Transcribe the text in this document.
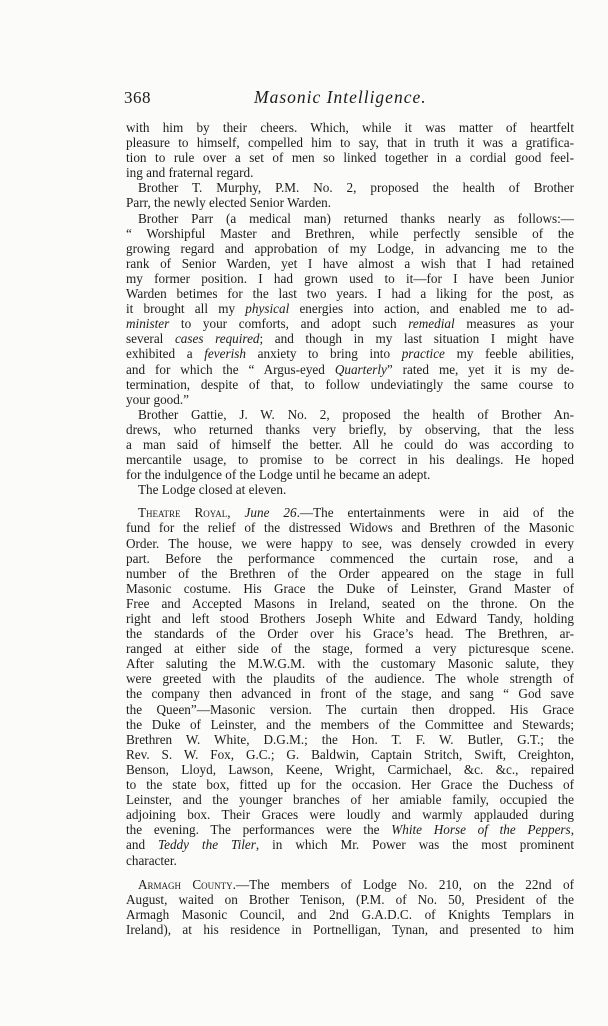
368	Masonic Intelligence.
with him by their cheers. Which, while it was matter of heartfelt
pleasure to himself, compelled him to say, that in truth it was a gratifica-
tion to rule over a set of men so linked together in a cordial good feel-
ing and fraternal regard.
Brother T. Murphy, P.M. No. 2, proposed the health of Brother
Parr, the newly elected Senior Warden.
Brother Parr (a medical man) returned thanks nearly as follows:—
“ Worshipful Master and Brethren, while perfectly sensible of the
growing regard and approbation of my Lodge, in advancing me to the
rank of Senior Warden, yet I have almost a wish that I had retained
my former position. I had grown used to it—for I have been Junior
Warden betimes for the last two years. I had a liking for the post, as
it brought all my physical energies into action, and enabled me to ad-
minister to your comforts, and adopt such remedial measures as your
several cases required; and though in my last situation I might have
exhibited a feverish anxiety to bring into practice my feeble abilities,
and for which the “ Argus-eyed Quarterly” rated me, yet it is my de-
termination, despite of that, to follow undeviatingly the same course to
your good.”
Brother Gattie, J. W. No. 2, proposed the health of Brother An-
drews, who returned thanks very briefly, by observing, that the less
a man said of himself the better. All he could do was according to
mercantile usage, to promise to be correct in his dealings. He hoped
for the indulgence of the Lodge until he became an adept.
The Lodge closed at eleven.
Theatre Royal, June 26.—The entertainments were in aid of the
fund for the relief of the distressed Widows and Brethren of the Masonic
Order. The house, we were happy to see, was densely crowded in every
part. Before the performance commenced the curtain rose, and a
number of the Brethren of the Order appeared on the stage in full
Masonic costume. His Grace the Duke of Leinster, Grand Master of
Free and Accepted Masons in Ireland, seated on the throne. On the
right and left stood Brothers Joseph White and Edward Tandy, holding
the standards of the Order over his Grace’s head. The Brethren, ar-
ranged at either side of the stage, formed a very picturesque scene.
After saluting the M.W.G.M. with the customary Masonic salute, they
were greeted with the plaudits of the audience. The whole strength of
the company then advanced in front of the stage, and sang “ God save
the Queen”—Masonic version. The curtain then dropped. His Grace
the Duke of Leinster, and the members of the Committee and Stewards;
Brethren W. White, D.G.M.; the Hon. T. F. W. Butler, G.T.; the
Rev. S. W. Fox, G.C.; G. Baldwin, Captain Stritch, Swift, Creighton,
Benson, Lloyd, Lawson, Keene, Wright, Carmichael, &c. &c., repaired
to the state box, fitted up for the occasion. Her Grace the Duchess of
Leinster, and the younger branches of her amiable family, occupied the
adjoining box. Their Graces were loudly and warmly applauded during
the evening. The performances were the White Horse of the Peppers,
and Teddy the Tiler, in which Mr. Power was the most prominent
character.
Armagh County.—The members of Lodge No. 210, on the 22nd of
August, waited on Brother Tenison, (P.M. of No. 50, President of the
Armagh Masonic Council, and 2nd G.A.D.C. of Knights Templars in
Ireland), at his residence in Portnelligan, Tynan, and presented to him
